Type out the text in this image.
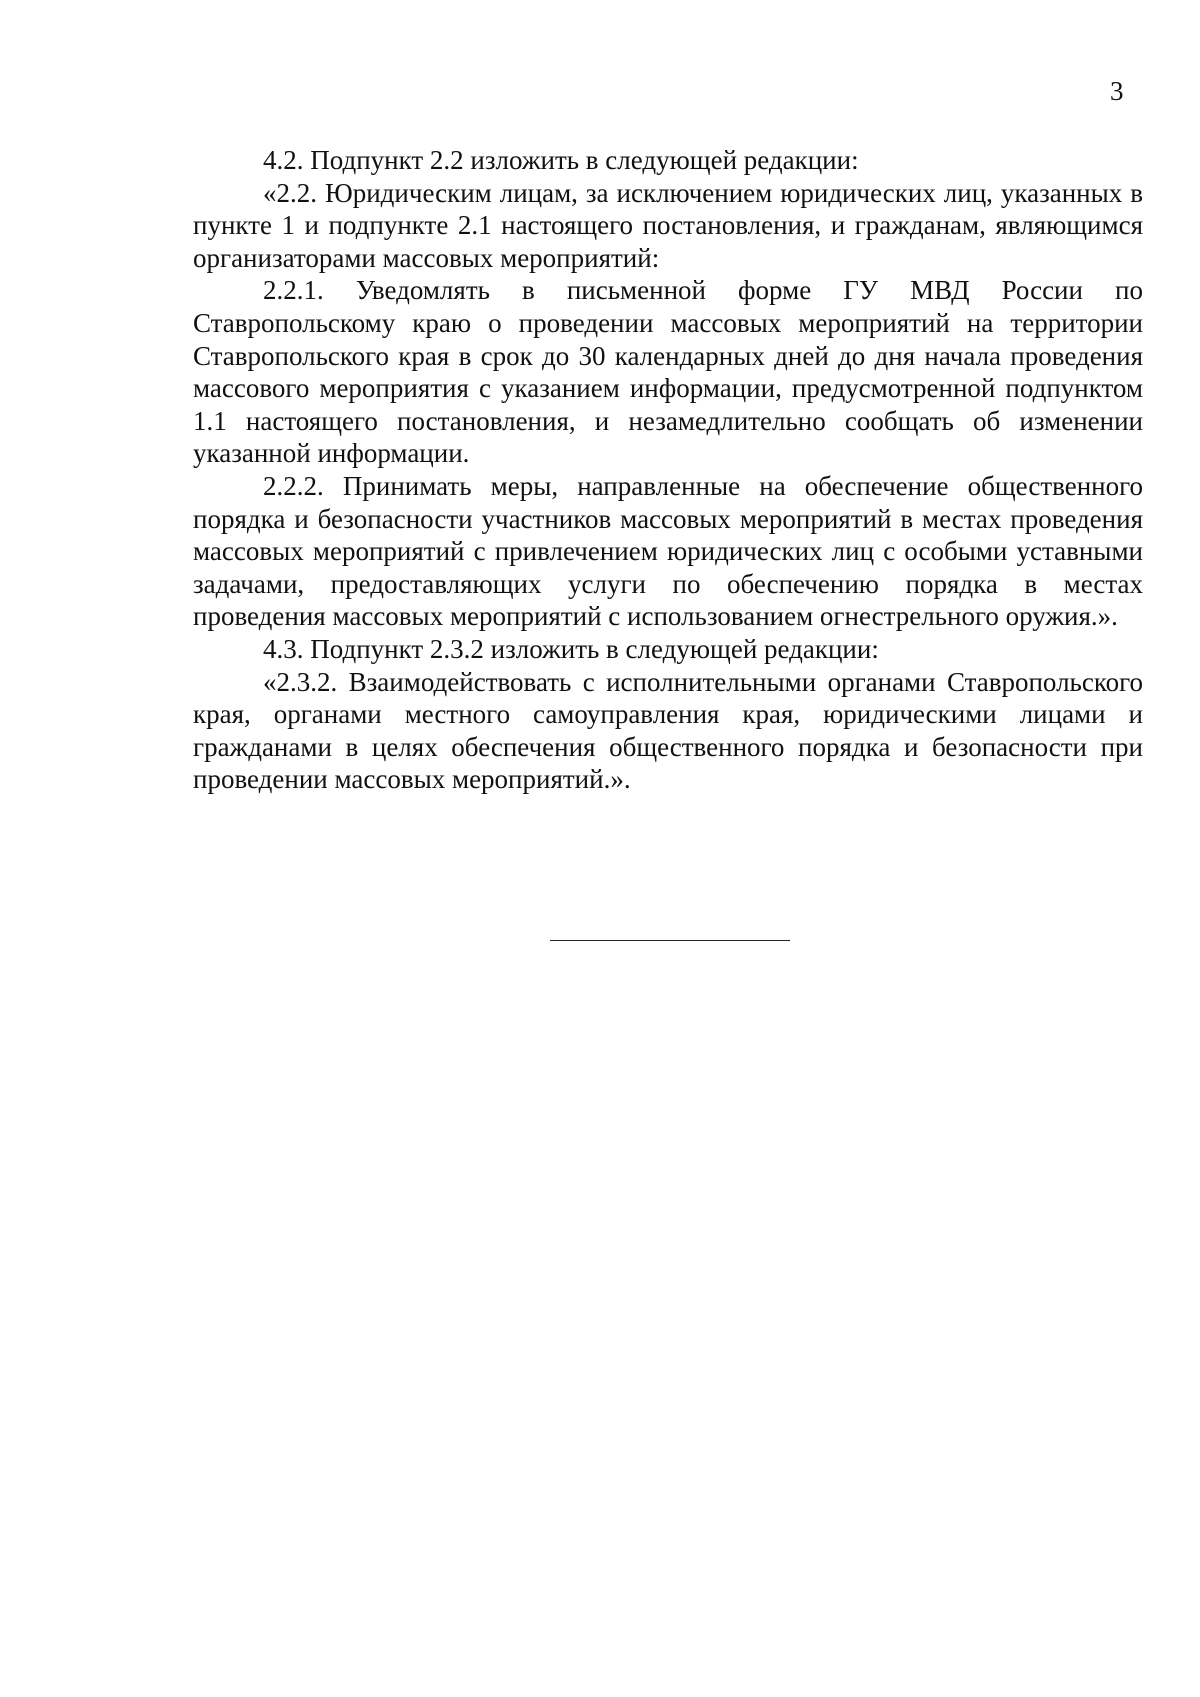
3

4.2. Подпункт 2.2 изложить в следующей редакции:

«2.2. Юридическим лицам, за исключением юридических лиц, указанных в пункте 1 и подпункте 2.1 настоящего постановления, и гражданам, являющимся организаторами массовых мероприятий:

2.2.1. Уведомлять в письменной форме ГУ МВД России по Ставропольскому краю о проведении массовых мероприятий на территории Ставропольского края в срок до 30 календарных дней до дня начала проведения массового мероприятия с указанием информации, предусмотренной подпунктом 1.1 настоящего постановления, и незамедлительно сообщать об изменении указанной информации.

2.2.2. Принимать меры, направленные на обеспечение общественного порядка и безопасности участников массовых мероприятий в местах проведения массовых мероприятий с привлечением юридических лиц с особыми уставными задачами, предоставляющих услуги по обеспечению порядка в местах проведения массовых мероприятий с использованием огнестрельного оружия.».

4.3. Подпункт 2.3.2 изложить в следующей редакции:

«2.3.2. Взаимодействовать с исполнительными органами Ставропольского края, органами местного самоуправления края, юридическими лицами и гражданами в целях обеспечения общественного порядка и безопасности при проведении массовых мероприятий.».
